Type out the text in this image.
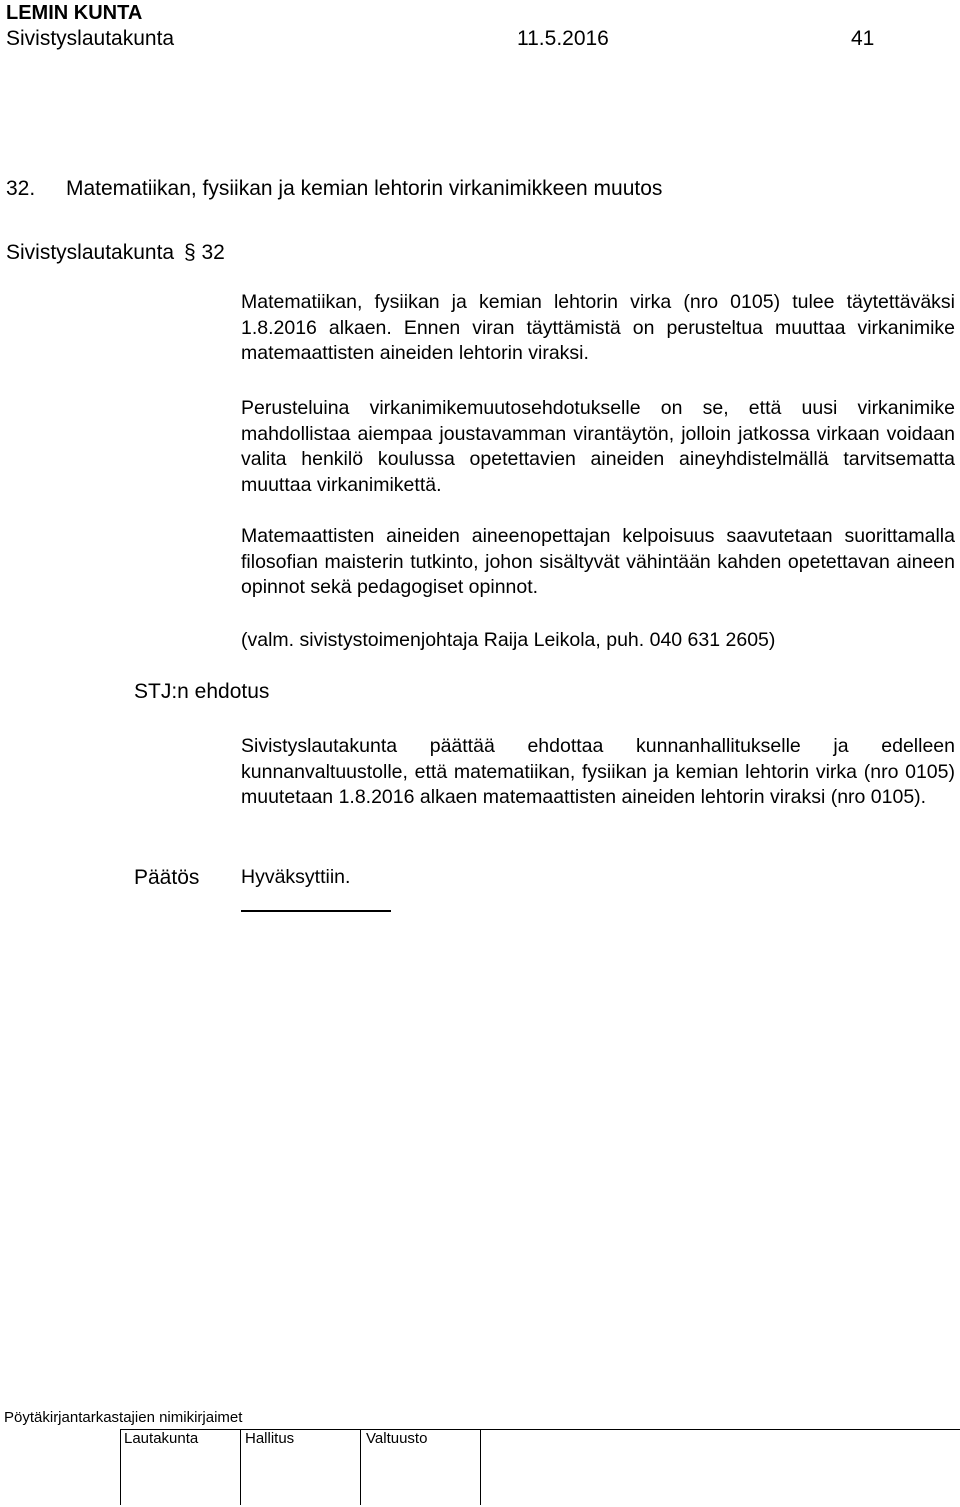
LEMIN KUNTA
Sivistyslautakunta	11.5.2016	41
32. Matematiikan, fysiikan ja kemian lehtorin virkanimikkeen muutos
Sivistyslautakunta § 32
Matematiikan, fysiikan ja kemian lehtorin virka (nro 0105) tulee täytettäväksi 1.8.2016 alkaen. Ennen viran täyttämistä on perusteltua muuttaa virkanimike matemaattisten aineiden lehtorin viraksi.
Perusteluina virkanimikemuutosehdotukselle on se, että uusi virkanimike mahdollistaa aiempaa joustavamman virantäytön, jolloin jatkossa virkaan voidaan valita henkilö koulussa opetettavien aineiden aineyhdistelmällä tarvitsematta muuttaa virkanimikettä.
Matemaattisten aineiden aineenopettajan kelpoisuus saavutetaan suorittamalla filosofian maisterin tutkinto, johon sisältyvät vähintään kahden opetettavan aineen opinnot sekä pedagogiset opinnot.
(valm. sivistystoimenjohtaja Raija Leikola, puh. 040 631 2605)
STJ:n ehdotus
Sivistyslautakunta päättää ehdottaa kunnanhallitukselle ja edelleen kunnanvaltuustolle, että matematiikan, fysiikan ja kemian lehtorin virka (nro 0105) muutetaan 1.8.2016 alkaen matemaattisten aineiden lehtorin viraksi (nro 0105).
Päätös Hyväksyttiin.
Pöytäkirjantarkastajien nimikirjaimet
Lautakunta	Hallitus	Valtuusto
